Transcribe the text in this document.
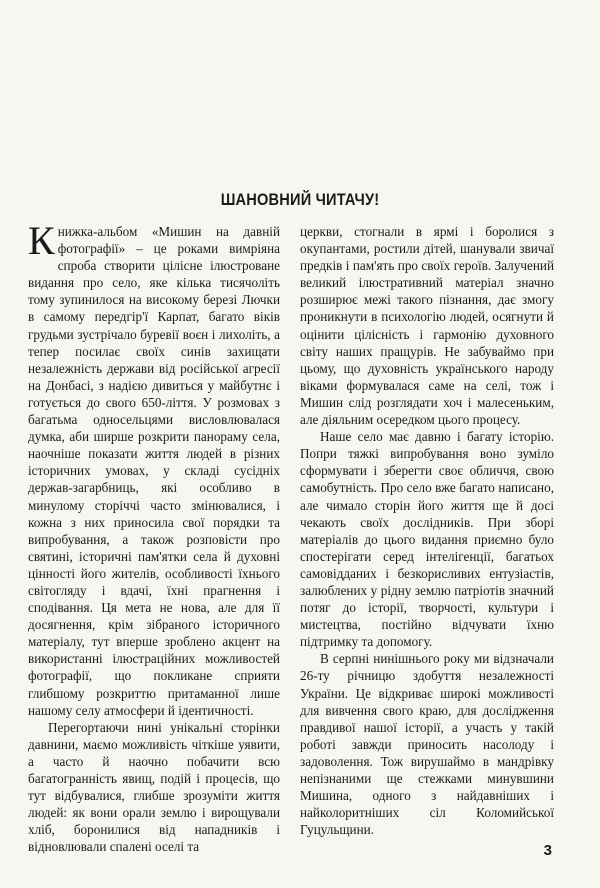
ШАНОВНИЙ ЧИТАЧУ!

Книжка-альбом «Мишин на давній фотографії» – це роками вимріяна спроба створити цілісне ілюстроване видання про село, яке кілька тисячоліть тому зупинилося на високому березі Лючки в самому передгір'ї Карпат, багато віків грудьми зустрічало буревії воєн і лихоліть, а тепер посилає своїх синів захищати незалежність держави від російської агресії на Донбасі, з надією дивиться у майбутнє і готується до свого 650-ліття. У розмовах з багатьма односельцями висловлювалася думка, аби ширше розкрити панораму села, наочніше показати життя людей в різних історичних умовах, у складі сусідніх держав-загарбниць, які особливо в минулому сторіччі часто змінювалися, і кожна з них приносила свої порядки та випробування, а також розповісти про святині, історичні пам'ятки села й духовні цінності його жителів, особливості їхнього світогляду і вдачі, їхні прагнення і сподівання. Ця мета не нова, але для її досягнення, крім зібраного історичного матеріалу, тут вперше зроблено акцент на використанні ілюстраційних можливостей фотографії, що покликане сприяти глибшому розкриттю притаманної лише нашому селу атмосфери й ідентичності.

Перегортаючи нині унікальні сторінки давнини, маємо можливість чіткіше уявити, а часто й наочно побачити всю багатогранність явищ, подій і процесів, що тут відбувалися, глибше зрозуміти життя людей: як вони орали землю і вирощували хліб, боронилися від нападників і відновлювали спалені оселі та

церкви, стогнали в ярмі і боролися з окупантами, ростили дітей, шанували звичаї предків і пам'ять про своїх героїв. Залучений великий ілюстративний матеріал значно розширює межі такого пізнання, дає змогу проникнути в психологію людей, осягнути й оцінити цілісність і гармонію духовного світу наших пращурів. Не забуваймо при цьому, що духовність українського народу віками формувалася саме на селі, тож і Мишин слід розглядати хоч і малесеньким, але діяльним осередком цього процесу.

Наше село має давню і багату історію. Попри тяжкі випробування воно зуміло сформувати і зберегти своє обличчя, свою самобутність. Про село вже багато написано, але чимало сторін його життя ще й досі чекають своїх дослідників. При зборі матеріалів до цього видання приємно було спостерігати серед інтелігенції, багатьох самовідданих і безкорисливих ентузіастів, залюблених у рідну землю патріотів значний потяг до історії, творчості, культури і мистецтва, постійно відчувати їхню підтримку та допомогу.

В серпні нинішнього року ми відзначали 26-ту річницю здобуття незалежності України. Це відкриває широкі можливості для вивчення свого краю, для дослідження правдивої нашої історії, а участь у такій роботі завжди приносить насолоду і задоволення. Тож вирушаймо в мандрівку непізнаними ще стежками минувшини Мишина, одного з найдавніших і найколоритніших сіл Коломийської Гуцульщини.

3
